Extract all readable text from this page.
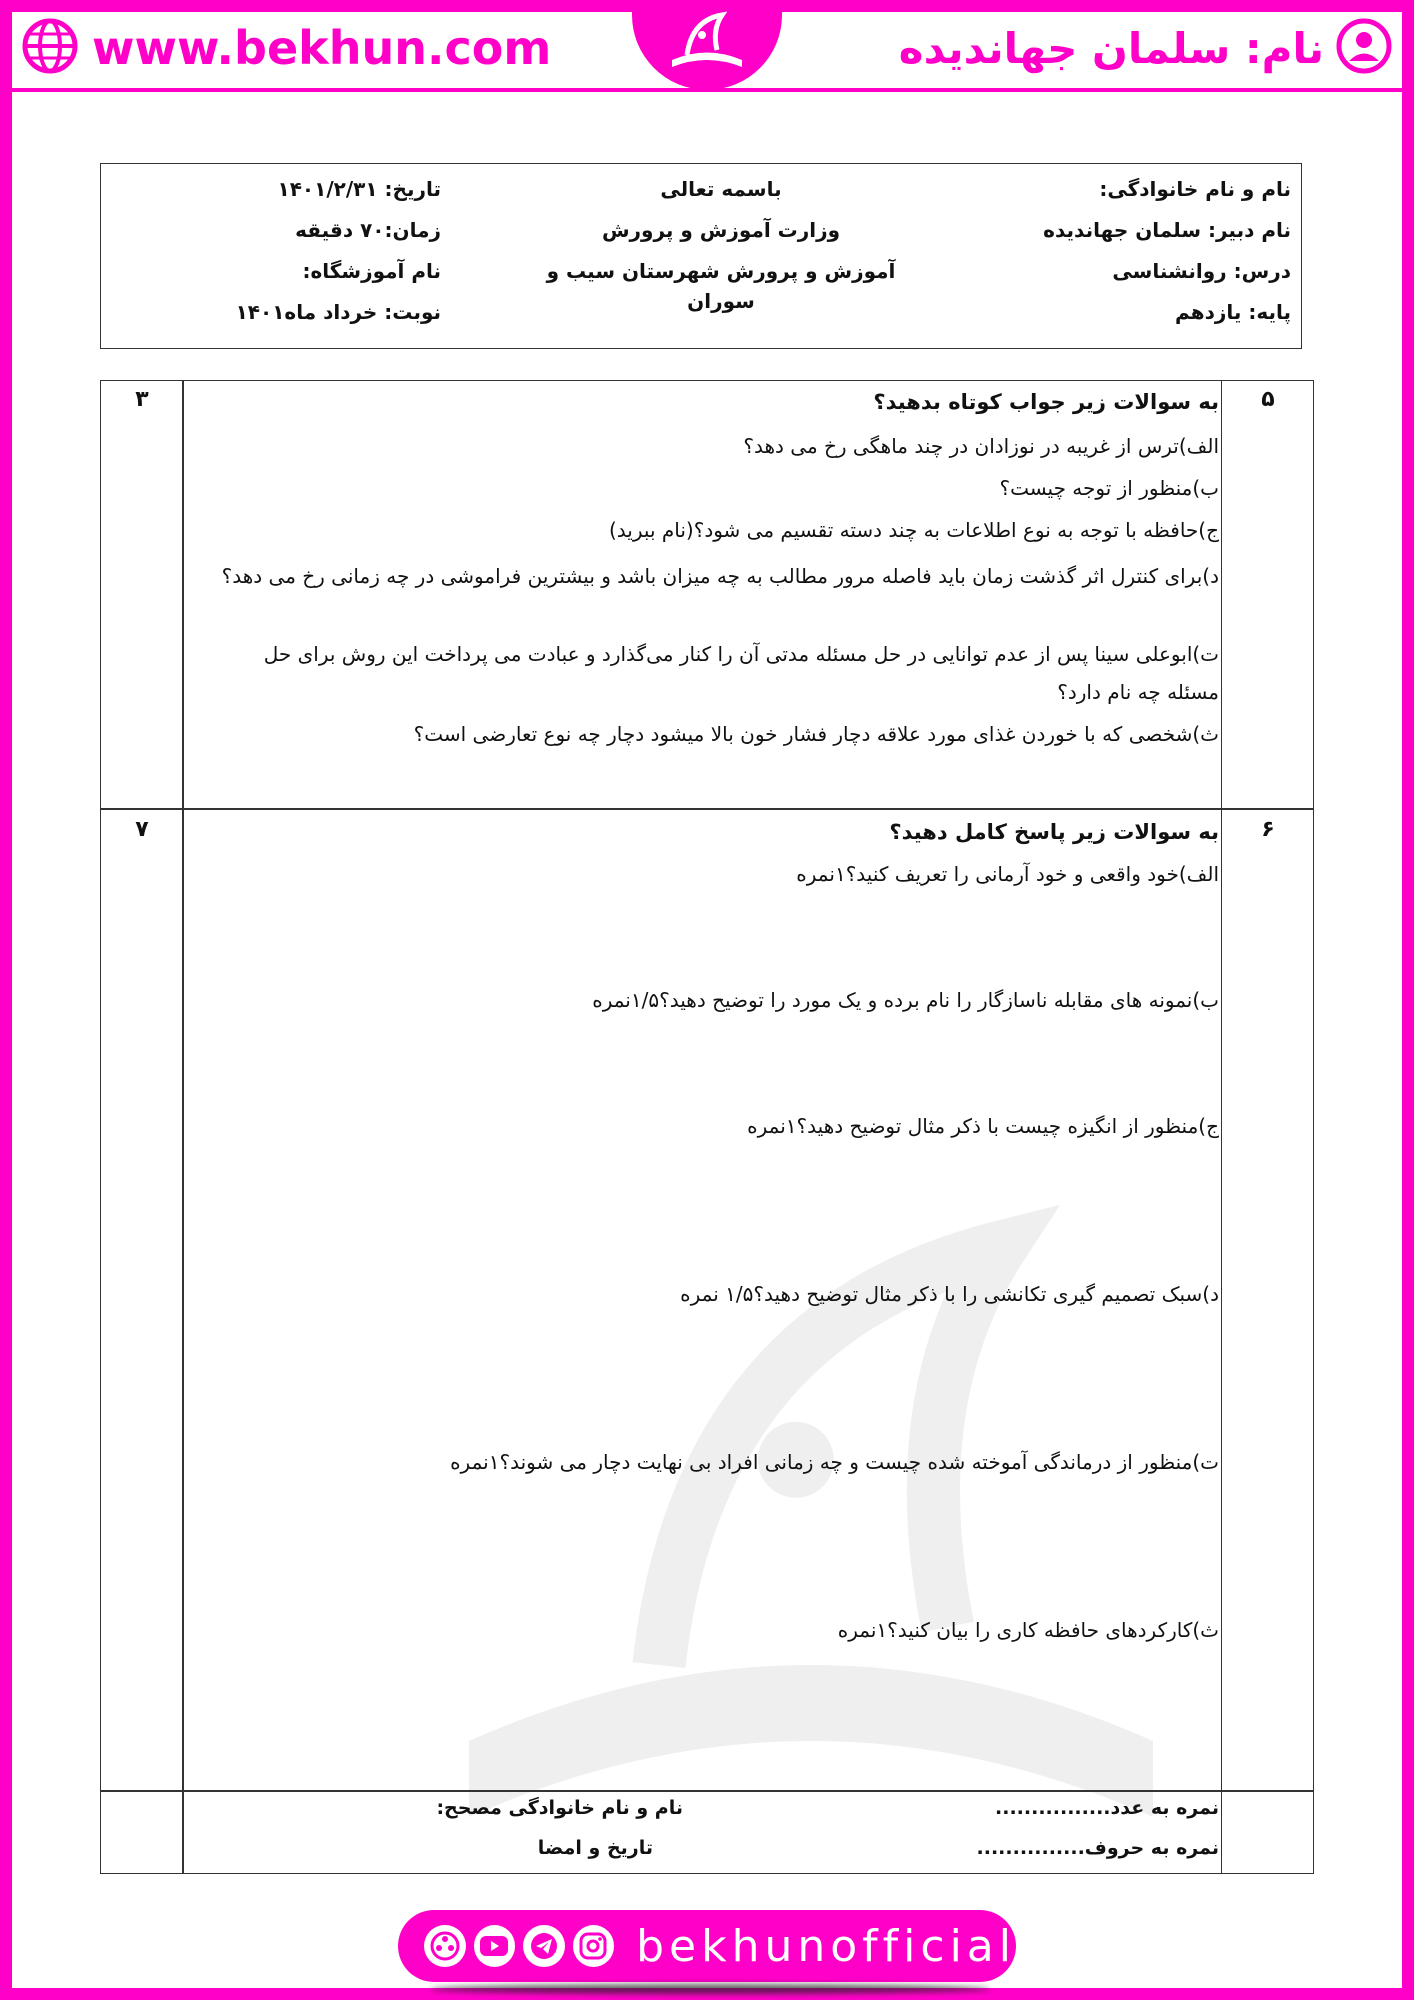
نام: سلمان جهاندیده
www.bekhun.com
نام و نام خانوادگی:
نام دبیر: سلمان جهاندیده
درس: روانشناسی
پایه: یازدهم
باسمه تعالی
وزارت آموزش و پرورش
آموزش و پرورش شهرستان سیب و سوران
تاریخ: ۱۴۰۱/۲/۳۱
زمان:۷۰ دقیقه
نام آموزشگاه:
نوبت: خرداد ماه۱۴۰۱
۵
۳	به سوالات زیر جواب کوتاه بدهید؟
الف)ترس از غریبه در نوزادان در چند ماهگی رخ می دهد؟
ب)منظور از توجه چیست؟
ج)حافظه با توجه به نوع اطلاعات به چند دسته تقسیم می شود؟(نام ببرید)
د)برای کنترل اثر گذشت زمان باید فاصله مرور مطالب به چه میزان باشد و بیشترین فراموشی در چه زمانی رخ می دهد؟
ت)ابوعلی سینا پس از عدم توانایی در حل مسئله مدتی آن را کنار می‌گذارد و عبادت می پرداخت این روش برای حل مسئله چه نام دارد؟
ث)شخصی که با خوردن غذای مورد علاقه دچار فشار خون بالا میشود دچار چه نوع تعارضی است؟
۶
۷	به سوالات زیر پاسخ کامل دهید؟
الف)خود واقعی و خود آرمانی را تعریف کنید؟۱نمره
ب)نمونه های مقابله ناسازگار را نام برده و یک مورد را توضیح دهید؟۱/۵نمره
ج)منظور از انگیزه چیست با ذکر مثال توضیح دهید؟۱نمره
د)سبک تصمیم گیری تکانشی را با ذکر مثال توضیح دهید؟۱/۵ نمره
ت)منظور از درماندگی آموخته شده چیست و چه زمانی افراد بی نهایت دچار می شوند؟۱نمره
ث)کارکردهای حافظه کاری را بیان کنید؟۱نمره
نمره به عدد................
نمره به حروف...............
نام و نام خانوادگی مصحح:
تاریخ و امضا
bekhunofficial
